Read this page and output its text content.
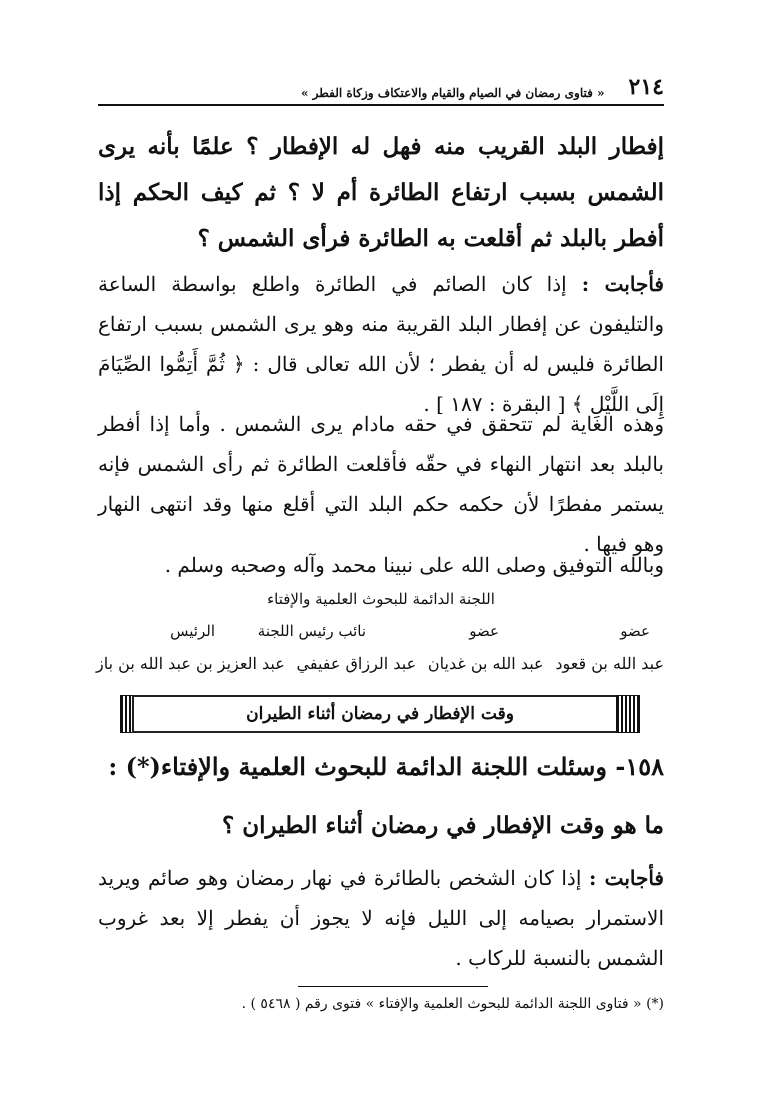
٢١٤
« فتاوى رمضان في الصيام والقيام والاعتكاف وزكاة الفطر »
إفطار البلد القريب منه فهل له الإفطار ؟ علمًا بأنه يرى الشمس بسبب ارتفاع الطائرة أم لا ؟ ثم كيف الحكم إذا أفطر بالبلد ثم أقلعت به الطائرة فرأى الشمس ؟
فأجابت : إذا كان الصائم في الطائرة واطلع بواسطة الساعة والتليفون عن إفطار البلد القريبة منه وهو يرى الشمس بسبب ارتفاع الطائرة فليس له أن يفطر ؛ لأن الله تعالى قال : ﴿ ثُمَّ أَتِمُّوا الصِّيَامَ إِلَى اللَّيْلِ ﴾ [ البقرة : ١٨٧ ] .
وهذه الغاية لم تتحقق في حقه مادام يرى الشمس . وأما إذا أفطر بالبلد بعد انتهار النهاء في حقّه فأقلعت الطائرة ثم رأى الشمس فإنه يستمر مفطرًا لأن حكمه حكم البلد التي أقلع منها وقد انتهى النهار وهو فيها .
وبالله التوفيق وصلى الله على نبينا محمد وآله وصحبه وسلم .
اللجنة الدائمة للبحوث العلمية والإفتاء
عضو
عضو
نائب رئيس اللجنة
الرئيس
عبد الله بن قعود
عبد الله بن غديان
عبد الرزاق عفيفي
عبد العزيز بن عبد الله بن باز
وقت الإفطار في رمضان أثناء الطيران
١٥٨- وسئلت اللجنة الدائمة للبحوث العلمية والإفتاء(*) :
ما هو وقت الإفطار في رمضان أثناء الطيران ؟
فأجابت : إذا كان الشخص بالطائرة في نهار رمضان وهو صائم ويريد الاستمرار بصيامه إلى الليل فإنه لا يجوز أن يفطر إلا بعد غروب الشمس بالنسبة للركاب .
(*) « فتاوى اللجنة الدائمة للبحوث العلمية والإفتاء » فتوى رقم ( ٥٤٦٨ ) .
